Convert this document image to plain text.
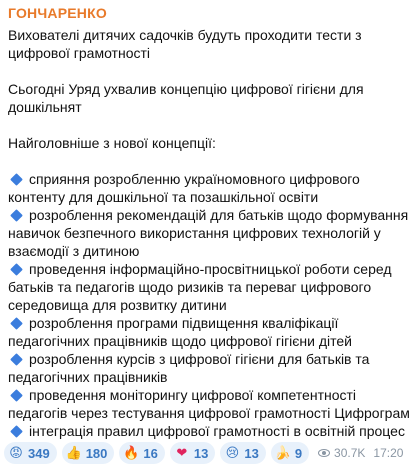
ГОНЧАРЕНКО

Вихователі дитячих садочків будуть проходити тести з цифрової грамотності

Сьогодні Уряд ухвалив концепцію цифрової гігієни для дошкільнят

Найголовніше з нової концепції:

сприяння розробленню україномовного цифрового контенту для дошкільної та позашкільної освіти
розроблення рекомендацій для батьків щодо формування навичок безпечного використання цифрових технологій у взаємодії з дитиною
проведення інформаційно-просвітницької роботи серед батьків та педагогів щодо ризиків та переваг цифрового середовища для розвитку дитини
розроблення програми підвищення кваліфікації педагогічних працівників щодо цифрової гігієни дітей
розроблення курсів з цифрової гігієни для батьків та педагогічних працівників
проведення моніторингу цифрової компетентності педагогів через тестування цифрової грамотності Цифрограм
інтеграція правил цифрової грамотності в освітній процес
😡 349 👍 180 🔥 16 ❤ 13 😢 13 🍌 9	30.7K 17:20
